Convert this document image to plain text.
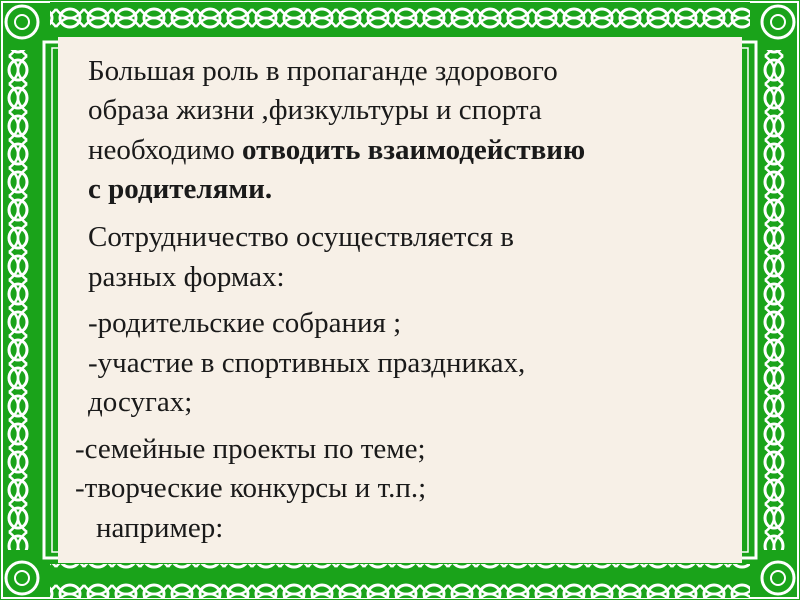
Большая роль в пропаганде здорового
образа жизни ,физкультуры и спорта
необходимо отводить взаимодействию
с родителями.
Сотрудничество осуществляется в
разных формах:
-родительские собрания ;
-участие в спортивных праздниках,
досугах;
-семейные проекты по теме;
-творческие конкурсы и т.п.;
например:
